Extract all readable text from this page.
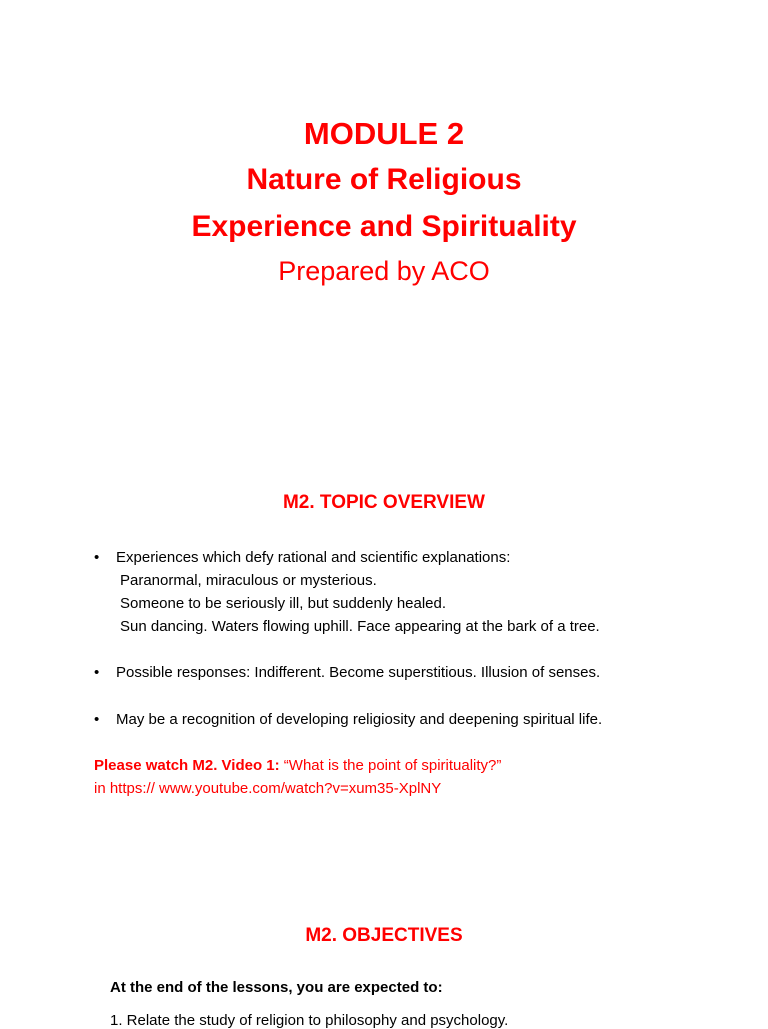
MODULE 2
Nature of Religious
Experience and Spirituality
Prepared by ACO
M2. TOPIC OVERVIEW
• Experiences which defy rational and scientific explanations:
Paranormal, miraculous or mysterious.
Someone to be seriously ill, but suddenly healed.
Sun dancing. Waters flowing uphill. Face appearing at the bark of a tree.
• Possible responses: Indifferent. Become superstitious. Illusion of senses.
• May be a recognition of developing religiosity and deepening spiritual life.
Please watch M2. Video 1: “What is the point of spirituality?”
in https:// www.youtube.com/watch?v=xum35-XplNY
M2. OBJECTIVES

At the end of the lessons, you are expected to:

1. Relate the study of religion to philosophy and psychology.
